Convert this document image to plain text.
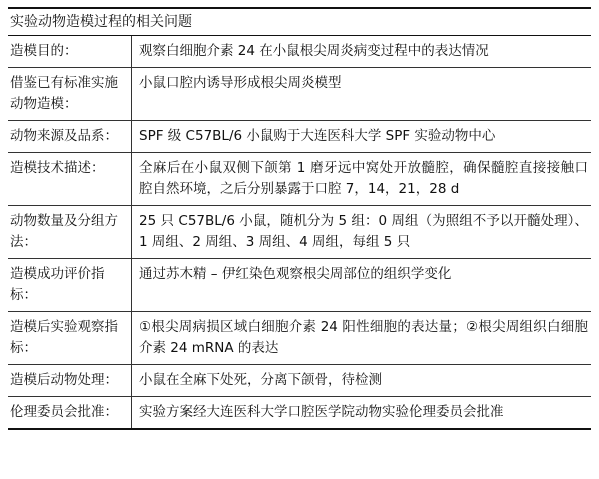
实验动物造模过程的相关问题
造模目的：	观察白细胞介素 24 在小鼠根尖周炎病变过程中的表达情况
借鉴已有标准实施动物造模：	小鼠口腔内诱导形成根尖周炎模型
动物来源及品系：	SPF 级 C57BL/6 小鼠购于大连医科大学 SPF 实验动物中心
造模技术描述：	全麻后在小鼠双侧下颌第 1 磨牙远中窝处开放髓腔，确保髓腔直接接触口腔自然环境，之后分别暴露于口腔 7，14，21，28 d
动物数量及分组方法：	25 只 C57BL/6 小鼠，随机分为 5 组：0 周组（为照组不予以开髓处理）、1 周组、2 周组、3 周组、4 周组，每组 5 只
造模成功评价指标：	通过苏木精 – 伊红染色观察根尖周部位的组织学变化
造模后实验观察指标：	①根尖周病损区域白细胞介素 24 阳性细胞的表达量；②根尖周组织白细胞介素 24 mRNA 的表达
造模后动物处理：	小鼠在全麻下处死，分离下颌骨，待检测
伦理委员会批准：	实验方案经大连医科大学口腔医学院动物实验伦理委员会批准
